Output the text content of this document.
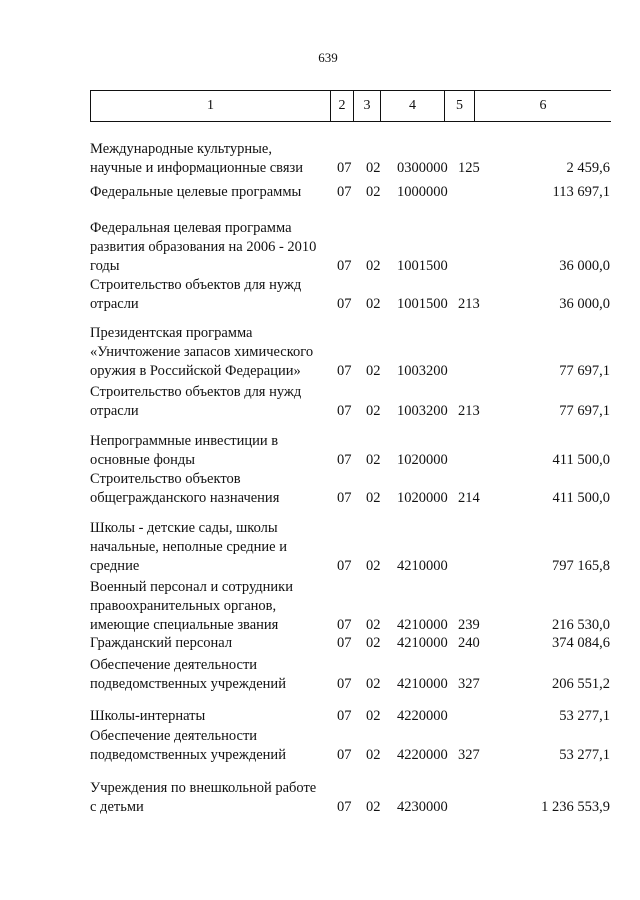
639
1	2	3	4	5	6
Международные культурные,
научные и информационные связи	07 02 0300000 125	2 459,6
Федеральные целевые программы	07 02 1000000	113 697,1
Федеральная целевая программа
развития образования на 2006 - 2010
годы	07 02 1001500	36 000,0
Строительство объектов для нужд
отрасли	07 02 1001500 213	36 000,0
Президентская программа
«Уничтожение запасов химического
оружия в Российской Федерации»	07 02 1003200	77 697,1
Строительство объектов для нужд
отрасли	07 02 1003200 213	77 697,1
Непрограммные инвестиции в
основные фонды	07 02 1020000	411 500,0
Строительство объектов
общегражданского назначения	07 02 1020000 214	411 500,0
Школы - детские сады, школы
начальные, неполные средние и
средние	07 02 4210000	797 165,8
Военный персонал и сотрудники
правоохранительных органов,
имеющие специальные звания	07 02 4210000 239	216 530,0
Гражданский персонал	07 02 4210000 240	374 084,6
Обеспечение деятельности
подведомственных учреждений	07 02 4210000 327	206 551,2
Школы-интернаты	07 02 4220000	53 277,1
Обеспечение деятельности
подведомственных учреждений	07 02 4220000 327	53 277,1
Учреждения по внешкольной работе
с детьми	07 02 4230000	1 236 553,9
